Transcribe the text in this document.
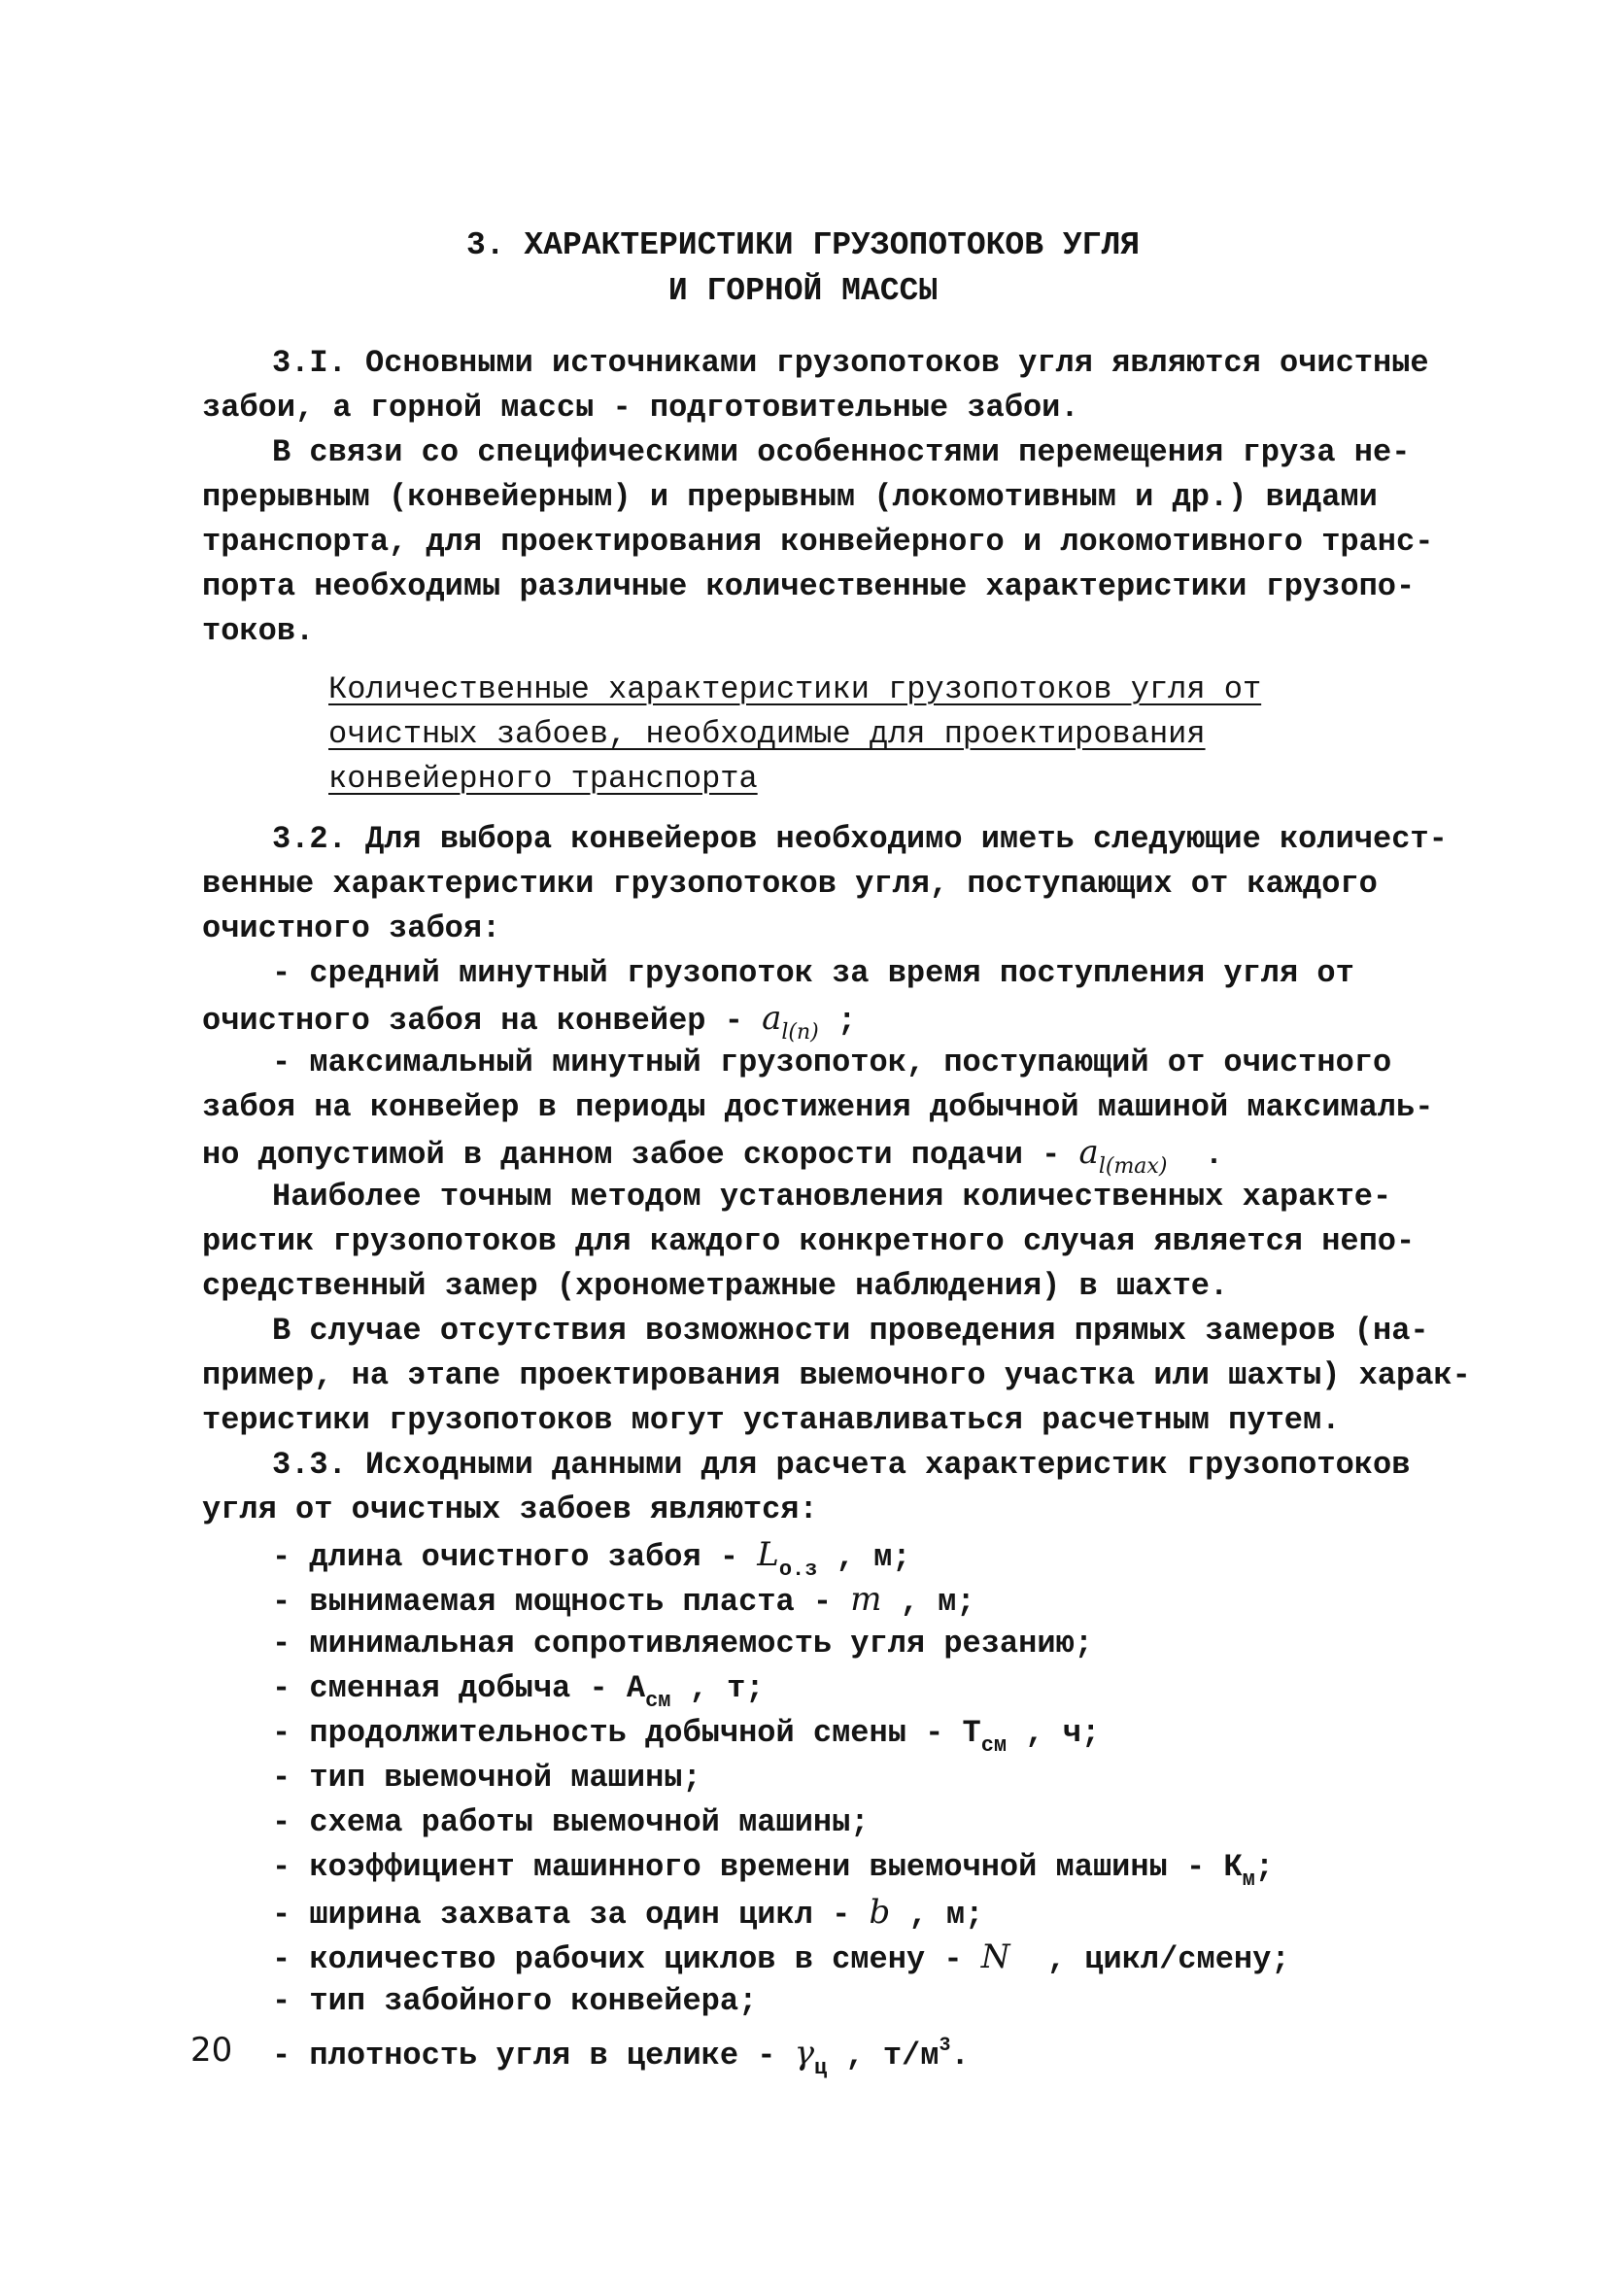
3. ХАРАКТЕРИСТИКИ ГРУЗОПОТОКОВ УГЛЯ
И ГОРНОЙ МАССЫ
3.I. Основными источниками грузопотоков угля являются очистные
забои, а горной массы - подготовительные забои.
В связи со специфическими особенностями перемещения груза не-
прерывным (конвейерным) и прерывным (локомотивным и др.) видами
транспорта, для проектирования конвейерного и локомотивного транс-
порта необходимы различные количественные характеристики грузопо-
токов.
Количественные характеристики грузопотоков угля от
очистных забоев, необходимые для проектирования
конвейерного транспорта
3.2. Для выбора конвейеров необходимо иметь следующие количест-
венные характеристики грузопотоков угля, поступающих от каждого
очистного забоя:
- средний минутный грузопоток за время поступления угля от
очистного забоя на конвейер - $a_{l(n)}$ ;
- максимальный минутный грузопоток, поступающий от очистного
забоя на конвейер в периоды достижения добычной машиной максималь-
но допустимой в данном забое скорости подачи - $a_{l(max)}$  .
Наиболее точным методом установления количественных характе-
ристик грузопотоков для каждого конкретного случая является непо-
средственный замер (хронометражные наблюдения) в шахте.
В случае отсутствия возможности проведения прямых замеров (на-
пример, на этапе проектирования выемочного участка или шахты) харак-
теристики грузопотоков могут устанавливаться расчетным путем.
3.3. Исходными данными для расчета характеристик грузопотоков
угля от очистных забоев являются:
- длина очистного забоя - $L_{о.з}$ , м;
- вынимаемая мощность пласта - m , м;
- минимальная сопротивляемость угля резанию;
- сменная добыча - $А_{см}$ , т;
- продолжительность добычной смены - $Т_{см}$ , ч;
- тип выемочной машины;
- схема работы выемочной машины;
- коэффициент машинного времени выемочной машины - $К_м$;
- ширина захвата за один цикл - b , м;
- количество рабочих циклов в смену - N  , цикл/смену;
- тип забойного конвейера;
- плотность угля в целике - $\gamma_ц$ , $т/м^3$.
20
